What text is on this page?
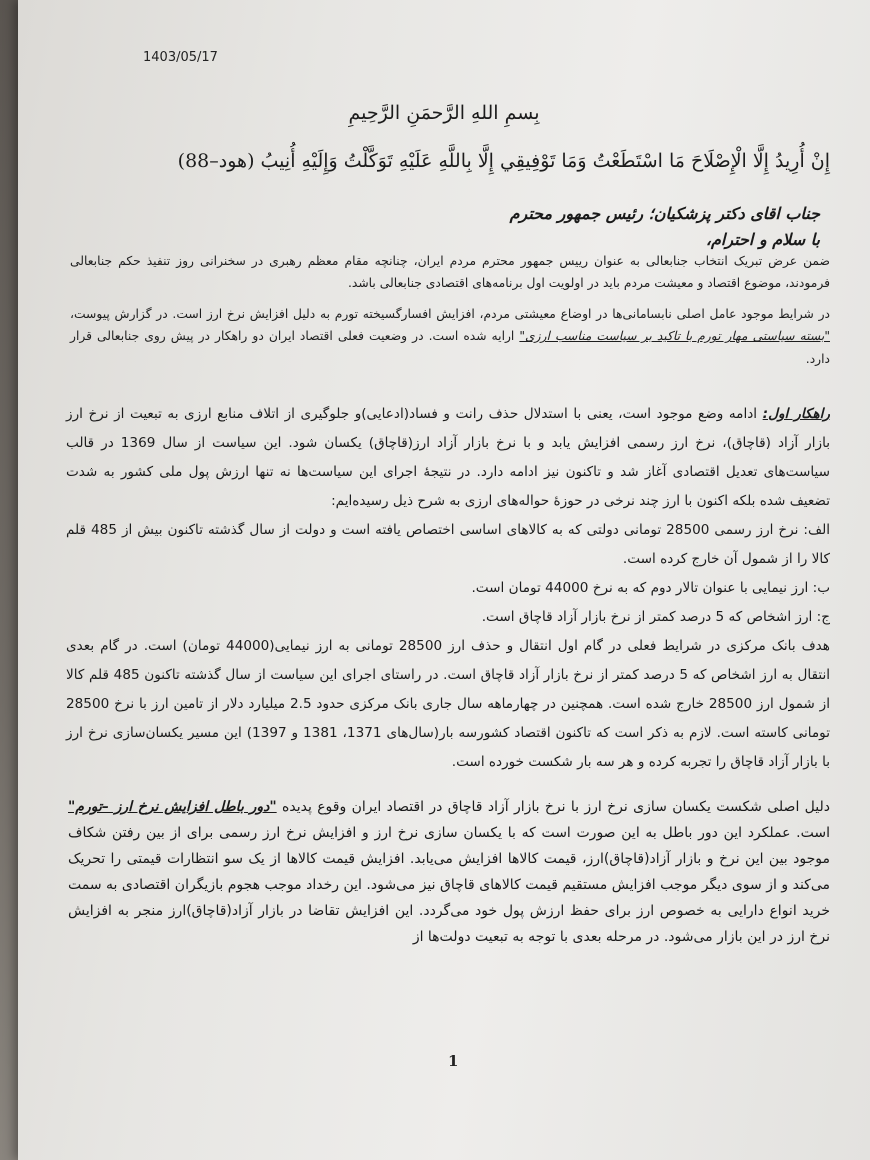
1403/05/17
بِسمِ اللهِ الرَّحمَنِ الرَّحِیمِ
إِنْ أُرِيدُ إِلَّا الْإِصْلَاحَ مَا اسْتَطَعْتُ وَمَا تَوْفِيقِي إِلَّا بِاللَّهِ عَلَيْهِ تَوَكَّلْتُ وَإِلَيْهِ أُنِيبُ (هود–88)
جناب اقای دکتر پزشکیان؛ رئیس جمهور محترم
با سلام و احترام،

ضمن عرض تبریک انتخاب جنابعالی به عنوان رییس جمهور محترم مردم ایران، چنانچه مقام معظم رهبری در سخنرانی روز تنفیذ حکم جنابعالی فرمودند، موضوع اقتصاد و معیشت مردم باید در اولویت اول برنامه‌های اقتصادی جنابعالی باشد.

در شرایط موجود عامل اصلی نابسامانی‌ها در اوضاع معیشتی مردم، افزایش افسارگسیخته تورم به دلیل افزایش نرخ ارز است. در گزارش پیوست، "بسته سیاستی مهار تورم با تاکید بر سیاست مناسب ارزی" ارایه شده است. در وضعیت فعلی اقتصاد ایران دو راهکار در پیش روی جنابعالی قرار دارد.

راهکار اول: ادامه وضع موجود است، یعنی با استدلال حذف رانت و فساد(ادعایی)و جلوگیری از اتلاف منابع ارزی به تبعیت از نرخ ارز بازار آزاد (قاچاق)، نرخ ارز رسمی افزایش یابد و با نرخ بازار آزاد ارز(قاچاق) یکسان شود. این سیاست از سال 1369 در قالب سیاست‌های تعدیل اقتصادی آغاز شد و تاکنون نیز ادامه دارد. در نتیجهٔ اجرای این سیاست‌ها نه تنها ارزش پول ملی کشور به شدت تضعیف شده بلکه اکنون با ارز چند نرخی در حوزهٔ حواله‌های ارزی به شرح ذیل رسیده‌ایم:

الف: نرخ ارز رسمی 28500 تومانی دولتی که به کالاهای اساسی اختصاص یافته است و دولت از سال گذشته تاکنون بیش از 485 قلم کالا را از شمول آن خارج کرده است.

ب: ارز نیمایی با عنوان تالار دوم که به نرخ 44000 تومان است.

ج: ارز اشخاص که 5 درصد کمتر از نرخ بازار آزاد قاچاق است.

هدف بانک مرکزی در شرایط فعلی در گام اول انتقال و حذف ارز 28500 تومانی به ارز نیمایی(44000 تومان) است. در گام بعدی انتقال به ارز اشخاص که 5 درصد کمتر از نرخ بازار آزاد قاچاق است. در راستای اجرای این سیاست از سال گذشته تاکنون 485 قلم کالا از شمول ارز 28500 خارج شده است. همچنین در چهارماهه سال جاری بانک مرکزی حدود 2.5 میلیارد دلار از تامین ارز با نرخ 28500 تومانی کاسته است. لازم به ذکر است که تاکنون اقتصاد کشورسه بار(سال‌های 1371، 1381 و 1397) این مسیر یکسان‌سازی نرخ ارز با بازار آزاد قاچاق را تجربه کرده و هر سه بار شکست خورده است.

دلیل اصلی شکست یکسان سازی نرخ ارز با نرخ بازار آزاد قاچاق در اقتصاد ایران وقوع پدیده "دور باطل افزایش نرخ ارز –تورم" است. عملکرد این دور باطل به این صورت است که با یکسان سازی نرخ ارز و افزایش نرخ ارز رسمی برای از بین رفتن شکاف موجود بین این نرخ و بازار آزاد(قاچاق)ارز، قیمت کالاها افزایش می‌یابد. افزایش قیمت کالاها از یک سو انتظارات قیمتی را تحریک می‌کند و از سوی دیگر موجب افزایش مستقیم قیمت کالاهای قاچاق نیز می‌شود. این رخداد موجب هجوم بازیگران اقتصادی به سمت خرید انواع دارایی به خصوص ارز برای حفظ ارزش پول خود می‌گردد. این افزایش تقاضا در بازار آزاد(قاچاق)ارز منجر به افزایش نرخ ارز در این بازار می‌شود. در مرحله بعدی با توجه به تبعیت دولت‌ها از

1
